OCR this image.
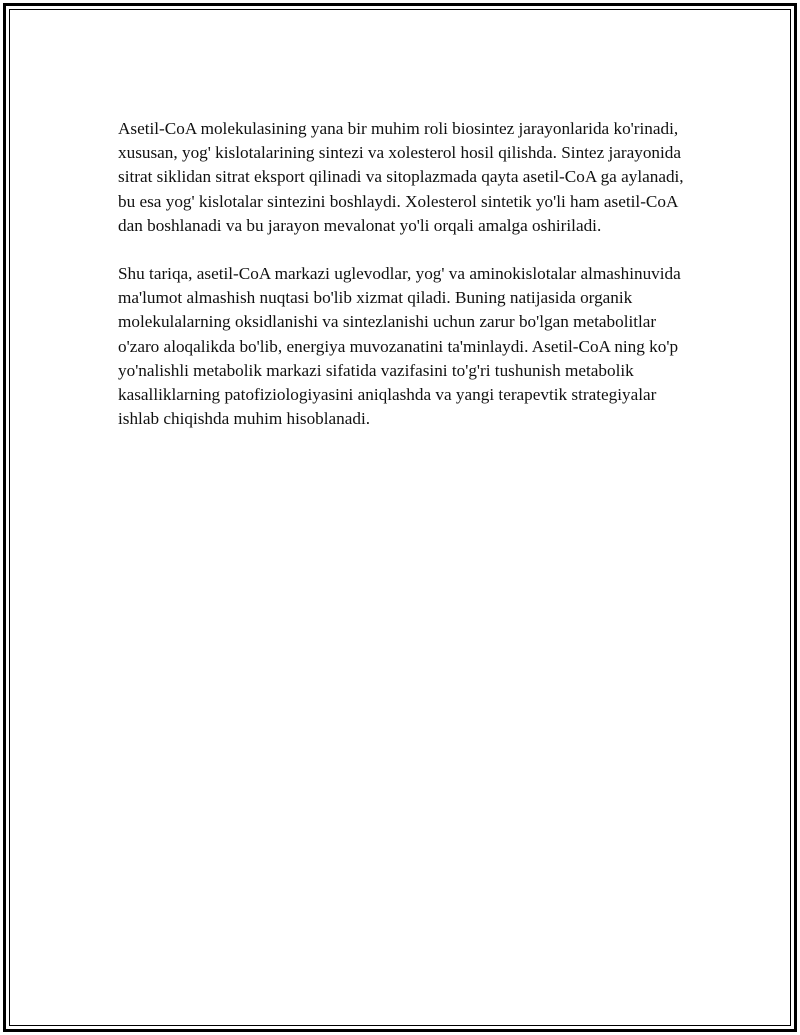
Asetil-CoA molekulasining yana bir muhim roli biosintez jarayonlarida ko'rinadi, xususan, yog' kislotalarining sintezi va xolesterol hosil qilishda. Sintez jarayonida sitrat siklidan sitrat eksport qilinadi va sitoplazmada qayta asetil-CoA ga aylanadi, bu esa yog' kislotalar sintezini boshlaydi. Xolesterol sintetik yo'li ham asetil-CoA dan boshlanadi va bu jarayon mevalonat yo'li orqali amalga oshiriladi.

Shu tariqa, asetil-CoA markazi uglevodlar, yog' va aminokislotalar almashinuvida ma'lumot almashish nuqtasi bo'lib xizmat qiladi. Buning natijasida organik molekulalarning oksidlanishi va sintezlanishi uchun zarur bo'lgan metabolitlar o'zaro aloqalikda bo'lib, energiya muvozanatini ta'minlaydi. Asetil-CoA ning ko'p yo'nalishli metabolik markazi sifatida vazifasini to'g'ri tushunish metabolik kasalliklarning patofiziologiyasini aniqlashda va yangi terapevtik strategiyalar ishlab chiqishda muhim hisoblanadi.
